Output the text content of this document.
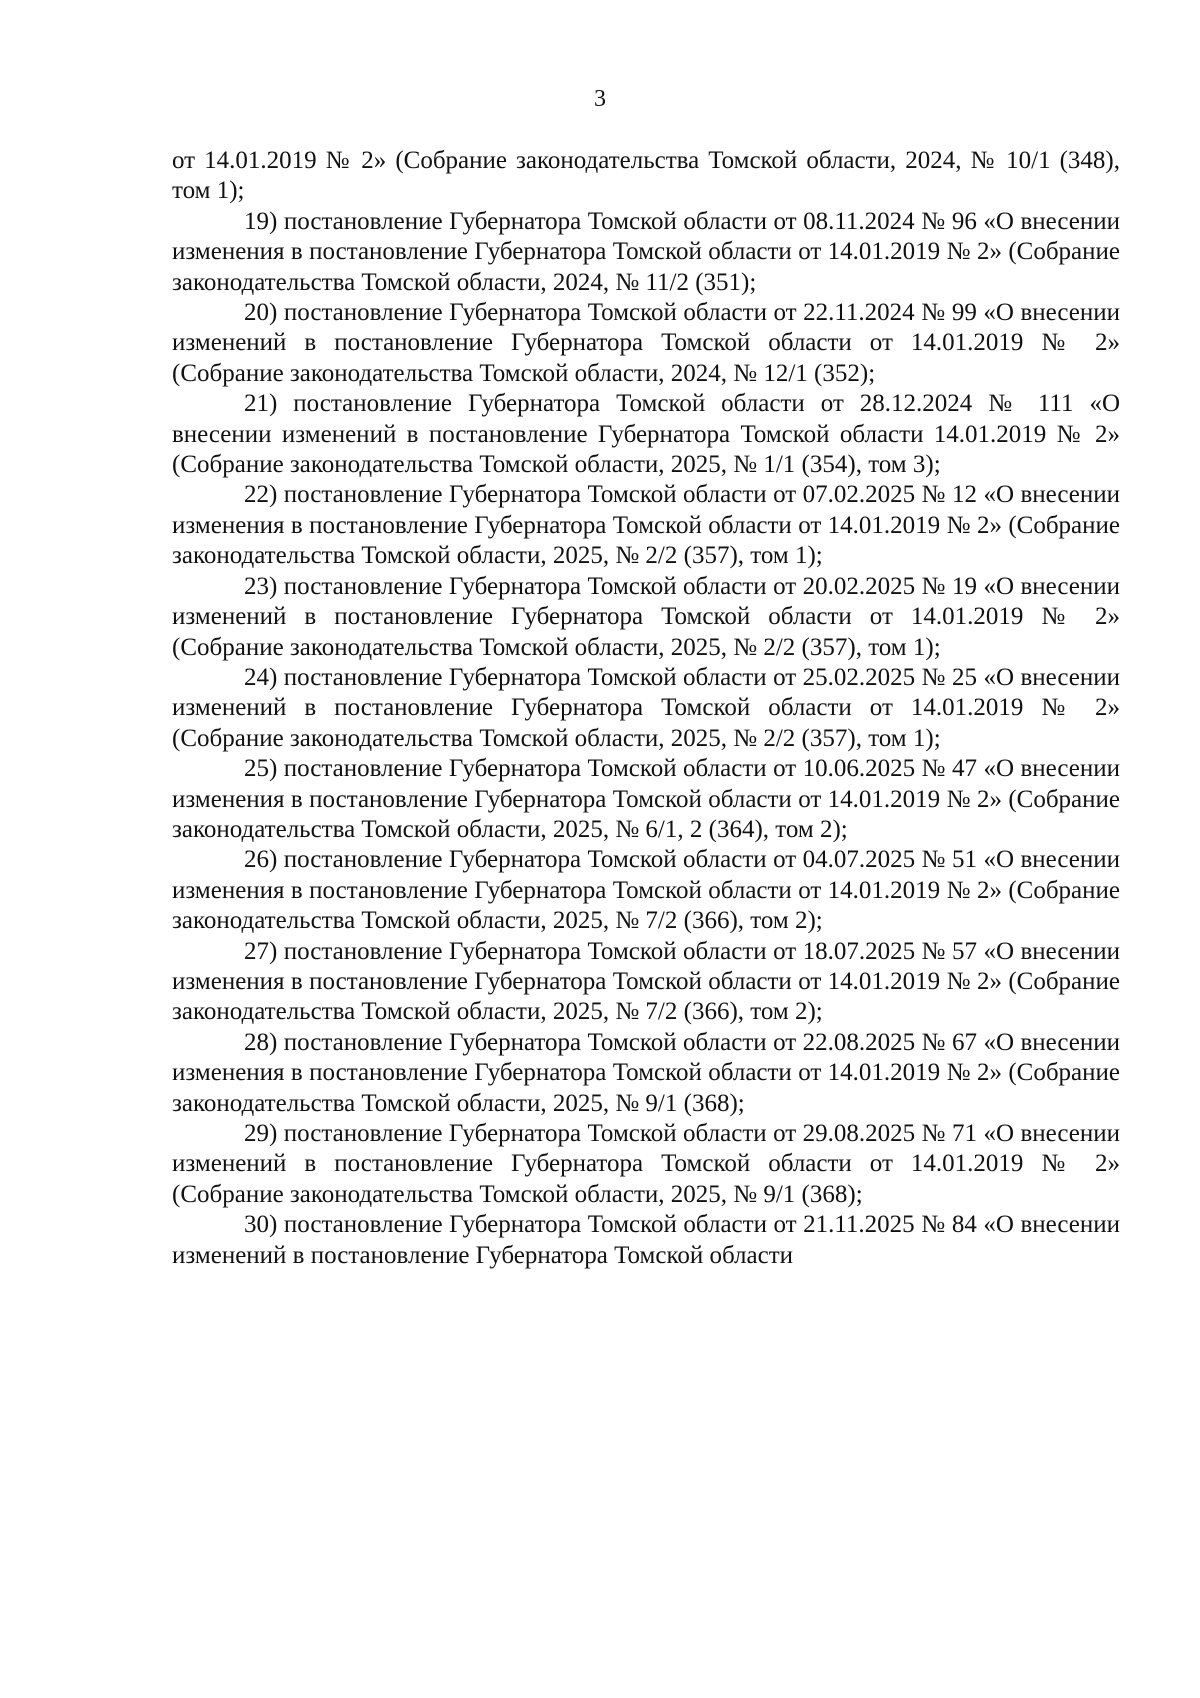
3

от 14.01.2019 № 2» (Собрание законодательства Томской области, 2024, № 10/1 (348), том 1);

19) постановление Губернатора Томской области от 08.11.2024 № 96 «О внесении изменения в постановление Губернатора Томской области от 14.01.2019 № 2» (Собрание законодательства Томской области, 2024, № 11/2 (351);

20) постановление Губернатора Томской области от 22.11.2024 № 99 «О внесении изменений в постановление Губернатора Томской области от 14.01.2019 № 2» (Собрание законодательства Томской области, 2024, № 12/1 (352);

21) постановление Губернатора Томской области от 28.12.2024 № 111 «О внесении изменений в постановление Губернатора Томской области 14.01.2019 № 2» (Собрание законодательства Томской области, 2025, № 1/1 (354), том 3);

22) постановление Губернатора Томской области от 07.02.2025 № 12 «О внесении изменения в постановление Губернатора Томской области от 14.01.2019 № 2» (Собрание законодательства Томской области, 2025, № 2/2 (357), том 1);

23) постановление Губернатора Томской области от 20.02.2025 № 19 «О внесении изменений в постановление Губернатора Томской области от 14.01.2019 № 2» (Собрание законодательства Томской области, 2025, № 2/2 (357), том 1);

24) постановление Губернатора Томской области от 25.02.2025 № 25 «О внесении изменений в постановление Губернатора Томской области от 14.01.2019 № 2» (Собрание законодательства Томской области, 2025, № 2/2 (357), том 1);

25) постановление Губернатора Томской области от 10.06.2025 № 47 «О внесении изменения в постановление Губернатора Томской области от 14.01.2019 № 2» (Собрание законодательства Томской области, 2025, № 6/1, 2 (364), том 2);

26) постановление Губернатора Томской области от 04.07.2025 № 51 «О внесении изменения в постановление Губернатора Томской области от 14.01.2019 № 2» (Собрание законодательства Томской области, 2025, № 7/2 (366), том 2);

27) постановление Губернатора Томской области от 18.07.2025 № 57 «О внесении изменения в постановление Губернатора Томской области от 14.01.2019 № 2» (Собрание законодательства Томской области, 2025, № 7/2 (366), том 2);

28) постановление Губернатора Томской области от 22.08.2025 № 67 «О внесении изменения в постановление Губернатора Томской области от 14.01.2019 № 2» (Собрание законодательства Томской области, 2025, № 9/1 (368);

29) постановление Губернатора Томской области от 29.08.2025 № 71 «О внесении изменений в постановление Губернатора Томской области от 14.01.2019 № 2» (Собрание законодательства Томской области, 2025, № 9/1 (368);

30) постановление Губернатора Томской области от 21.11.2025 № 84 «О внесении изменений в постановление Губернатора Томской области
